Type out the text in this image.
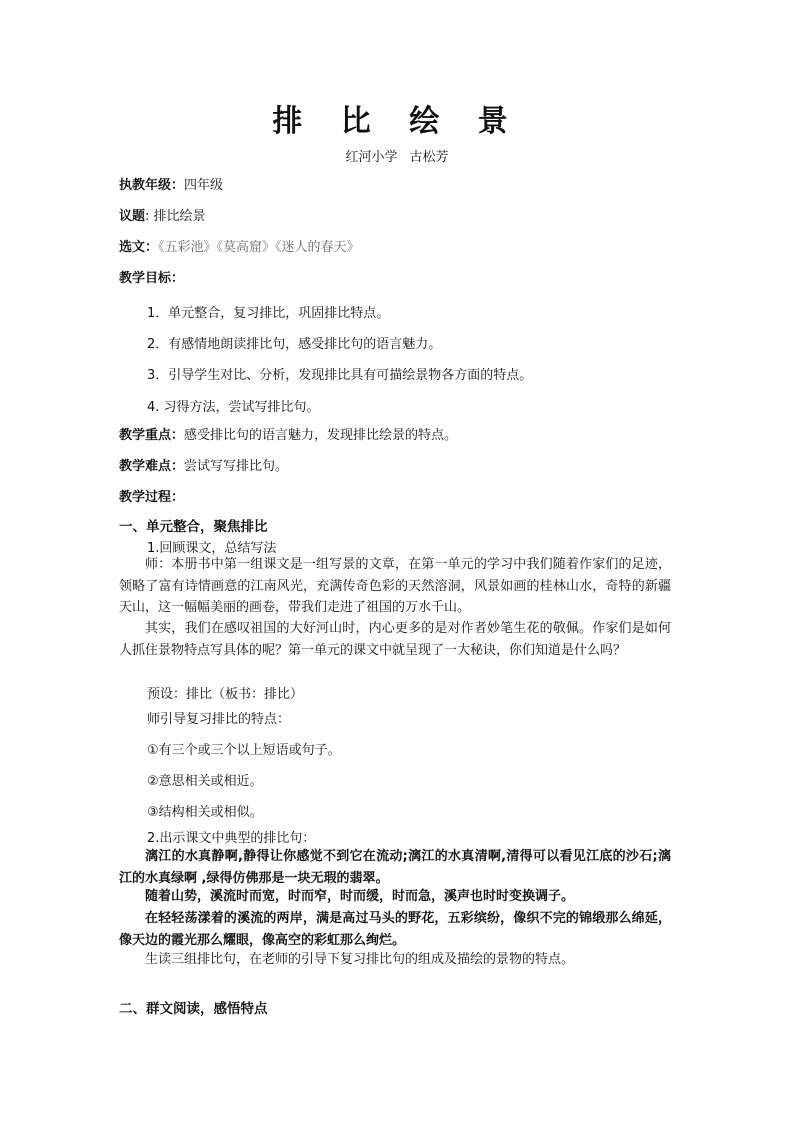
排 比 绘 景
红河小学 古松芳
执教年级：四年级
议题: 排比绘景
选文：《五彩池》《莫高窟》《迷人的春天》
教学目标：
1．单元整合，复习排比，巩固排比特点。
2．有感情地朗读排比句，感受排比句的语言魅力。
3．引导学生对比、分析，发现排比具有可描绘景物各方面的特点。
4. 习得方法，尝试写排比句。
教学重点：感受排比句的语言魅力，发现排比绘景的特点。
教学难点：尝试写写排比句。
教学过程：
一、单元整合，聚焦排比
1.回顾课文，总结写法
师：本册书中第一组课文是一组写景的文章，在第一单元的学习中我们随着作家们的足迹，领略了富有诗情画意的江南风光，充满传奇色彩的天然溶洞，风景如画的桂林山水，奇特的新疆天山，这一幅幅美丽的画卷，带我们走进了祖国的万水千山。
其实，我们在感叹祖国的大好河山时，内心更多的是对作者妙笔生花的敬佩。作家们是如何人抓住景物特点写具体的呢？第一单元的课文中就呈现了一大秘诀，你们知道是什么吗？
预设：排比（板书：排比）
师引导复习排比的特点：
①有三个或三个以上短语或句子。
②意思相关或相近。
③结构相关或相似。
2.出示课文中典型的排比句：
漓江的水真静啊,静得让你感觉不到它在流动;漓江的水真清啊,清得可以看见江底的沙石;漓江的水真绿啊 ,绿得仿佛那是一块无瑕的翡翠。
随着山势，溪流时而宽，时而窄，时而缓，时而急，溪声也时时变换调子。
在轻轻荡漾着的溪流的两岸，满是高过马头的野花，五彩缤纷，像织不完的锦缎那么绵延，像天边的霞光那么耀眼，像高空的彩虹那么绚烂。
生读三组排比句，在老师的引导下复习排比句的组成及描绘的景物的特点。
二、群文阅读，感悟特点
